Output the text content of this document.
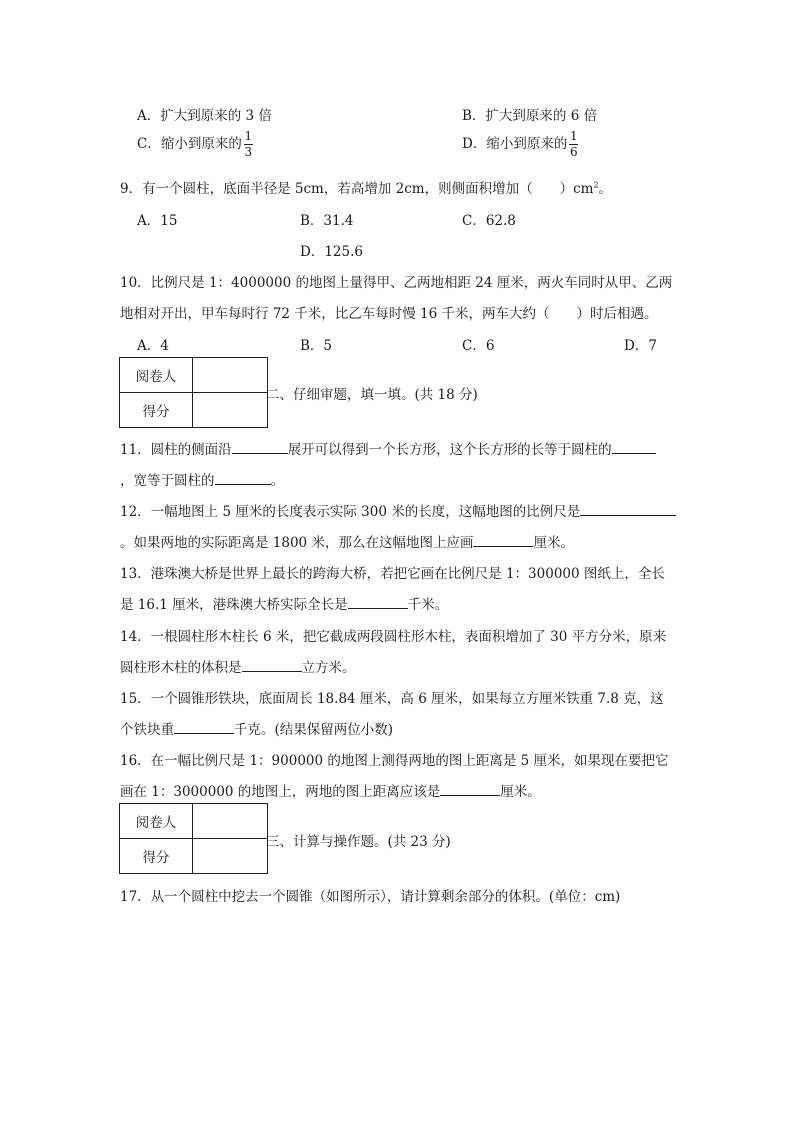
A．扩大到原来的 3 倍	B．扩大到原来的 6 倍
C．缩小到原来的 $\frac{1}{3}$	D．缩小到原来的 $\frac{1}{6}$
9．有一个圆柱，底面半径是 5cm，若高增加 2cm，则侧面积增加（　　）$cm^2$。
A．15	B．31.4	C．62.8
D．125.6
10．比例尺是 1：4000000 的地图上量得甲、乙两地相距 24 厘米，两火车同时从甲、乙两
地相对开出，甲车每时行 72 千米，比乙车每时慢 16 千米，两车大约（　　）时后相遇。
A．4	B．5	C．6	D．7
阅卷人	
得分	
二、仔细审题，填一填。(共 18 分)
11．圆柱的侧面沿	展开可以得到一个长方形，这个长方形的长等于圆柱的
，宽等于圆柱的	。
12．一幅地图上 5 厘米的长度表示实际 300 米的长度，这幅地图的比例尺是
。如果两地的实际距离是 1800 米，那么在这幅地图上应画	厘米。
13．港珠澳大桥是世界上最长的跨海大桥，若把它画在比例尺是 1：300000 图纸上，全长
是 16.1 厘米，港珠澳大桥实际全长是	千米。
14．一根圆柱形木柱长 6 米，把它截成两段圆柱形木柱，表面积增加了 30 平方分米，原来
圆柱形木柱的体积是	立方米。
15．一个圆锥形铁块，底面周长 18.84 厘米，高 6 厘米，如果每立方厘米铁重 7.8 克，这
个铁块重	千克。(结果保留两位小数)
16．在一幅比例尺是 1：900000 的地图上测得两地的图上距离是 5 厘米，如果现在要把它
画在 1：3000000 的地图上，两地的图上距离应该是	厘米。
阅卷人	
得分	
三、计算与操作题。(共 23 分)
17．从一个圆柱中挖去一个圆锥（如图所示），请计算剩余部分的体积。(单位：cm)
